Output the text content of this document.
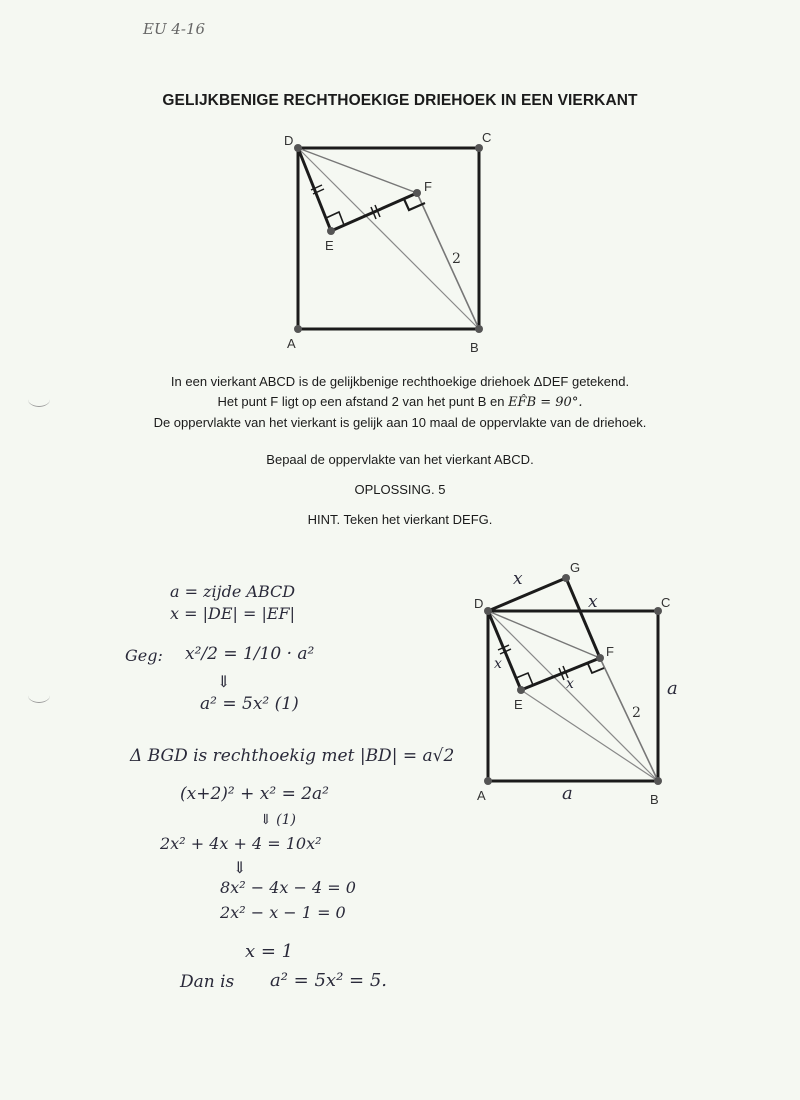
EU 4-16
GELIJKBENIGE RECHTHOEKIGE DRIEHOEK IN EEN VIERKANT
D	C
A	B
E
F
2
D	C
A	B
E
F
G
2
a
a
x
x
x
x

In een vierkant ABCD is de gelijkbenige rechthoekige driehoek ΔDEF getekend.

Het punt F ligt op een afstand 2 van het punt B en EF̂B = 90°.

De oppervlakte van het vierkant is gelijk aan 10 maal de oppervlakte van de driehoek.

Bepaal de oppervlakte van het vierkant ABCD.
OPLOSSING. 5
HINT. Teken het vierkant DEFG.
a = zijde ABCD
x = |DE| = |EF|
Geg: x²/2 = 1/10 · a²
⇓
a² = 5x² (1)
Δ BGD is rechthoekig met |BD| = a√2
(x+2)² + x² = 2a²
⇓ (1)
2x² + 4x + 4 = 10x²
⇓
8x² − 4x − 4 = 0
2x² − x − 1 = 0
x = 1
Dan is a² = 5x² = 5.
